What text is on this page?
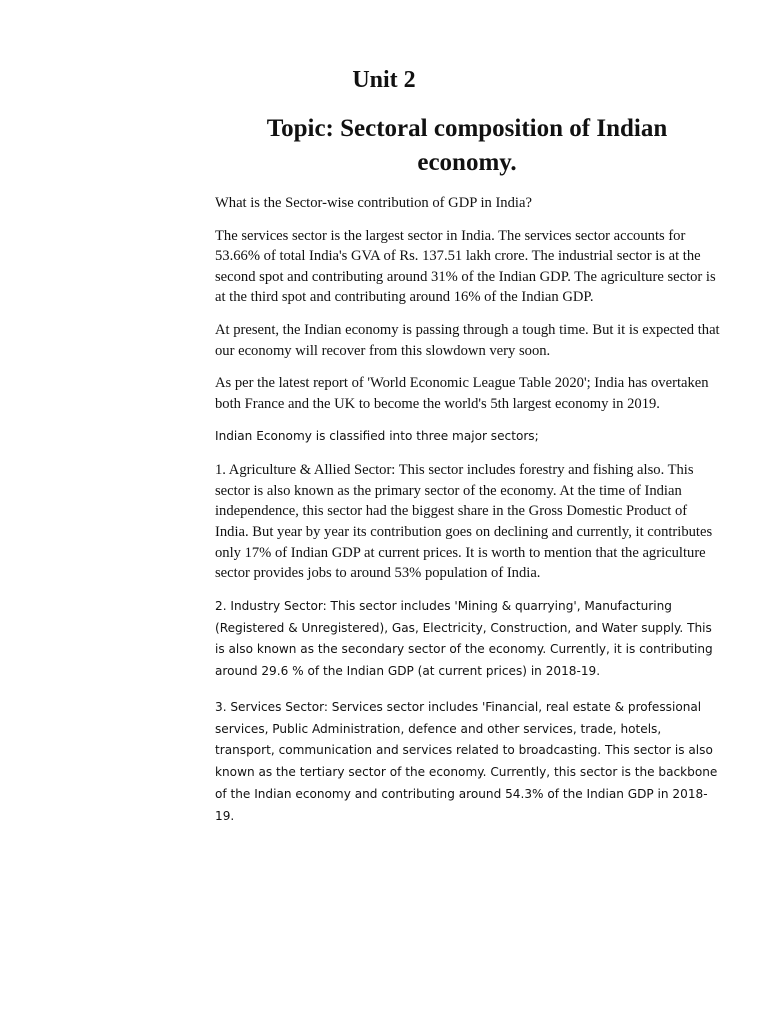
Unit 2
Topic: Sectoral composition of Indian economy.

What is the Sector-wise contribution of GDP in India?

The services sector is the largest sector in India. The services sector accounts for 53.66% of total India's GVA of Rs. 137.51 lakh crore. The industrial sector is at the second spot and contributing around 31% of the Indian GDP. The agriculture sector is at the third spot and contributing around 16% of the Indian GDP.

At present, the Indian economy is passing through a tough time. But it is expected that our economy will recover from this slowdown very soon.

As per the latest report of 'World Economic League Table 2020'; India has overtaken both France and the UK to become the world's 5th largest economy in 2019.

Indian Economy is classified into three major sectors;

1. Agriculture & Allied Sector: This sector includes forestry and fishing also. This sector is also known as the primary sector of the economy. At the time of Indian independence, this sector had the biggest share in the Gross Domestic Product of India. But year by year its contribution goes on declining and currently, it contributes only 17% of Indian GDP at current prices. It is worth to mention that the agriculture sector provides jobs to around 53% population of India.

2. Industry Sector: This sector includes 'Mining & quarrying', Manufacturing (Registered & Unregistered), Gas, Electricity, Construction, and Water supply. This is also known as the secondary sector of the economy. Currently, it is contributing around 29.6 % of the Indian GDP (at current prices) in 2018-19.

3. Services Sector: Services sector includes 'Financial, real estate & professional services, Public Administration, defence and other services, trade, hotels, transport, communication and services related to broadcasting. This sector is also known as the tertiary sector of the economy. Currently, this sector is the backbone of the Indian economy and contributing around 54.3% of the Indian GDP in 2018-19.
